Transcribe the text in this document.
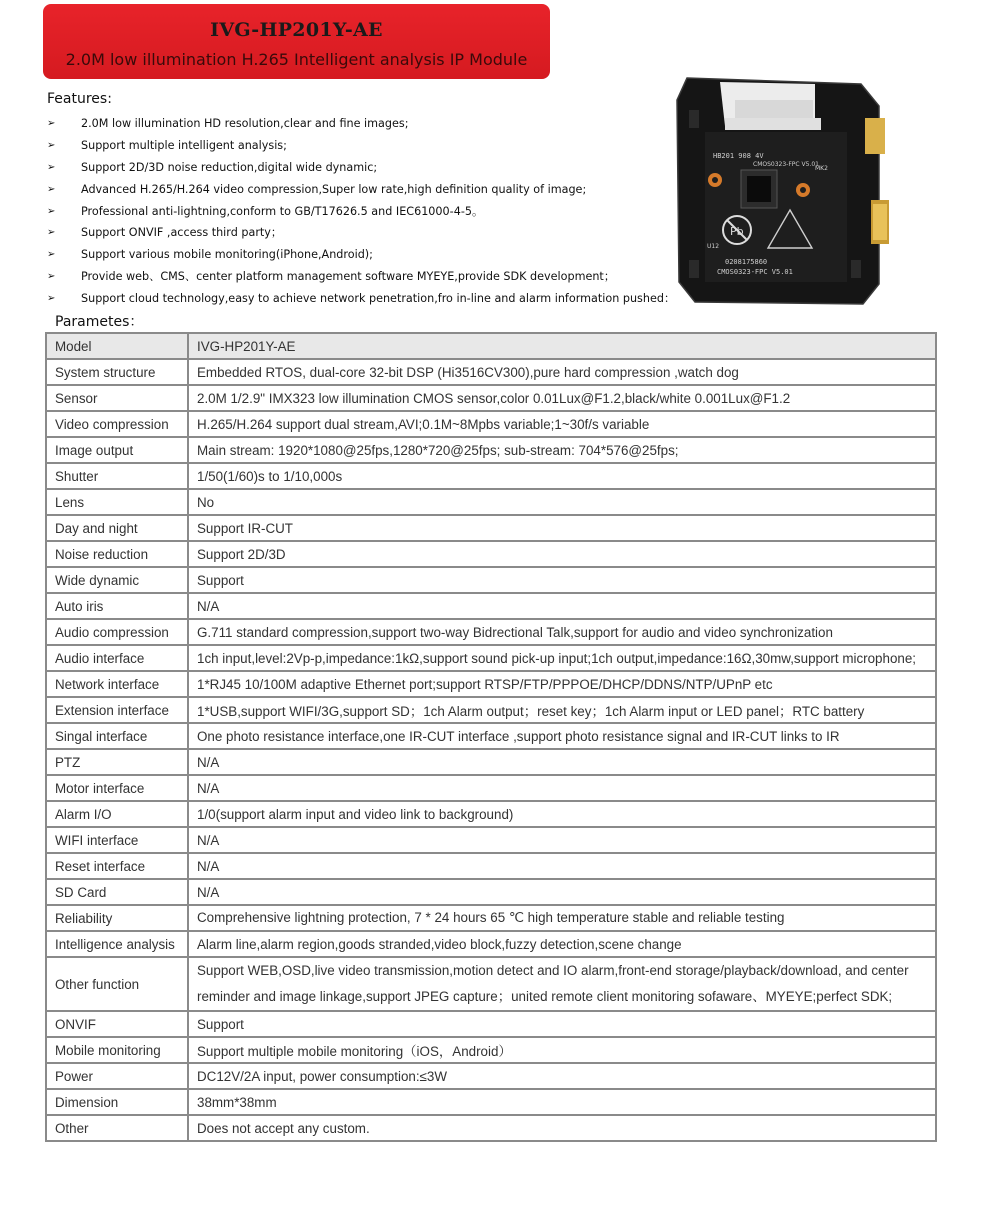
IVG-HP201Y-AE
2.0M low illumination H.265 Intelligent analysis IP Module
Features:
➢ 2.0M low illumination HD resolution,clear and fine images;
➢ Support multiple intelligent analysis;
➢ Support 2D/3D noise reduction,digital wide dynamic;
➢ Advanced H.265/H.264 video compression,Super low rate,high definition quality of image;
➢ Professional anti-lightning,conform to GB/T17626.5 and IEC61000-4-5。
➢ Support ONVIF ,access third party；
➢ Support various mobile monitoring(iPhone,Android);
➢ Provide web、CMS、center platform management software MYEYE,provide SDK development；
➢ Support cloud technology,easy to achieve network penetration,fro in-line and alarm information pushed：
Parametes：
Pb
HB201 908 4V
MK2
U12
CMOS0323-FPC V5.01
0208175860
CMOS0323-FPC V5.01
Model	IVG-HP201Y-AE
System structure	Embedded RTOS, dual-core 32-bit DSP (Hi3516CV300),pure hard compression ,watch dog
Sensor	2.0M 1/2.9" IMX323 low illumination CMOS sensor,color 0.01Lux@F1.2,black/white 0.001Lux@F1.2
Video compression	H.265/H.264 support dual stream,AVI;0.1M~8Mpbs variable;1~30f/s variable
Image output	Main stream: 1920*1080@25fps,1280*720@25fps; sub-stream: 704*576@25fps;
Shutter	1/50(1/60)s to 1/10,000s
Lens	No
Day and night	Support IR-CUT
Noise reduction	Support 2D/3D
Wide dynamic	Support
Auto iris	N/A
Audio compression	G.711 standard compression,support two-way Bidrectional Talk,support for audio and video synchronization
Audio interface	1ch input,level:2Vp-p,impedance:1kΩ,support sound pick-up input;1ch output,impedance:16Ω,30mw,support microphone;
Network interface	1*RJ45 10/100M adaptive Ethernet port;support RTSP/FTP/PPPOE/DHCP/DDNS/NTP/UPnP etc
Extension interface	1*USB,support WIFI/3G,support SD；1ch Alarm output；reset key；1ch Alarm input or LED panel；RTC battery
Singal interface	One photo resistance interface,one IR-CUT interface ,support photo resistance signal and IR-CUT links to IR
PTZ	N/A
Motor interface	N/A
Alarm I/O	1/0(support alarm input and video link to background)
WIFI interface	N/A
Reset interface	N/A
SD Card	N/A
Reliability	Comprehensive lightning protection, 7 * 24 hours 65 ℃ high temperature stable and reliable testing
Intelligence analysis	Alarm line,alarm region,goods stranded,video block,fuzzy detection,scene change
Other function	Support WEB,OSD,live video transmission,motion detect and IO alarm,front-end storage/playback/download, and center reminder and image linkage,support JPEG capture；united remote client monitoring sofaware、MYEYE;perfect SDK;
ONVIF	Support
Mobile monitoring	Support multiple mobile monitoring（iOS，Android）
Power	DC12V/2A input, power consumption:≤3W
Dimension	38mm*38mm
Other	Does not accept any custom.
